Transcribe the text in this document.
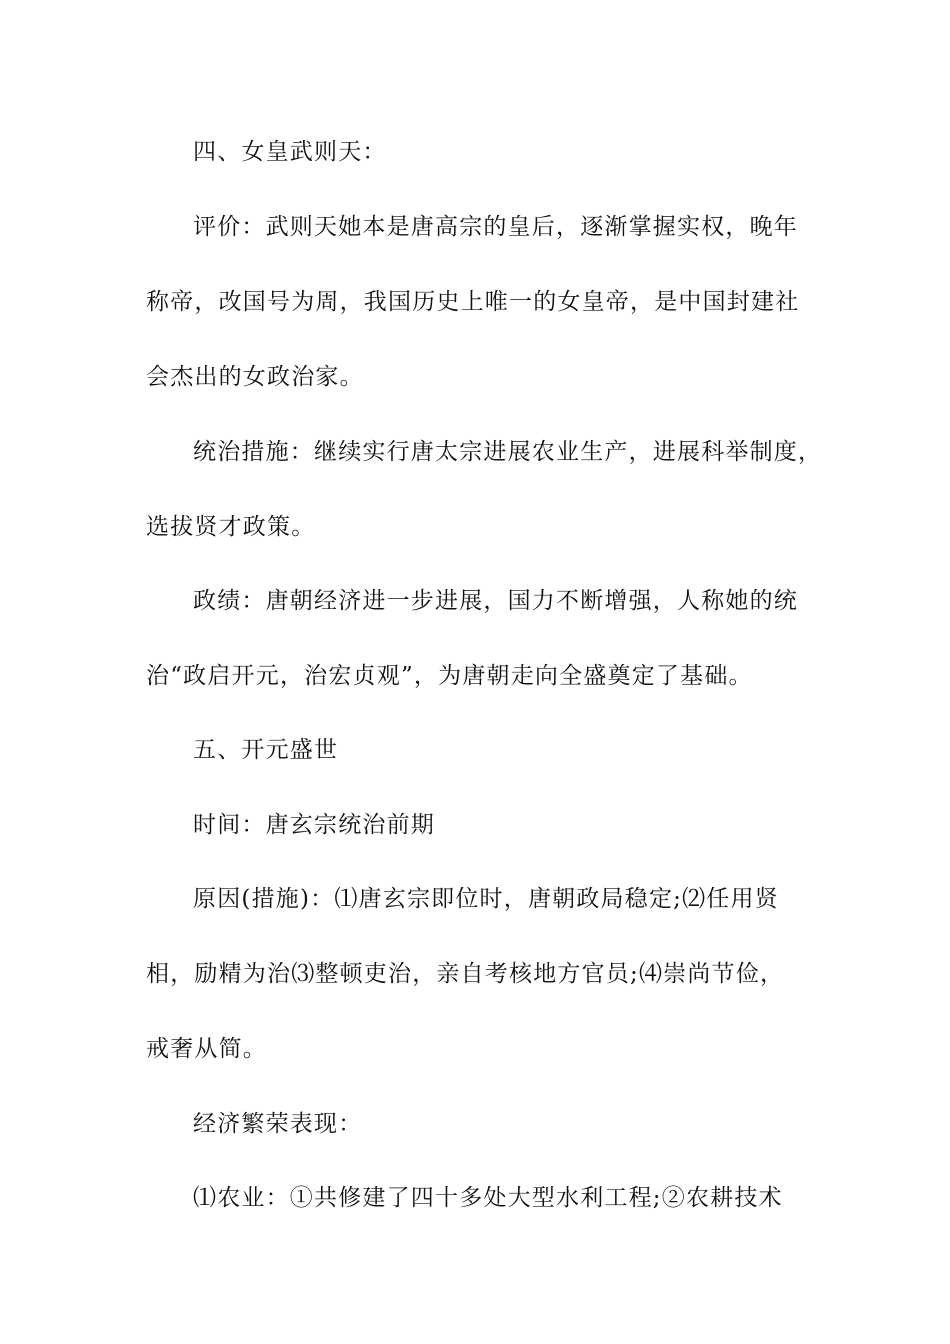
四、女皇武则天：
评价：武则天她本是唐高宗的皇后，逐渐掌握实权，晚年
称帝，改国号为周，我国历史上唯一的女皇帝，是中国封建社
会杰出的女政治家。
统治措施：继续实行唐太宗进展农业生产，进展科举制度，
选拔贤才政策。
政绩：唐朝经济进一步进展，国力不断增强，人称她的统
治“政启开元，治宏贞观”，为唐朝走向全盛奠定了基础。
五、开元盛世
时间：唐玄宗统治前期
原因(措施)：⑴唐玄宗即位时，唐朝政局稳定;⑵任用贤
相，励精为治⑶整顿吏治，亲自考核地方官员;⑷崇尚节俭，
戒奢从简。
经济繁荣表现：
⑴农业：①共修建了四十多处大型水利工程;②农耕技术
